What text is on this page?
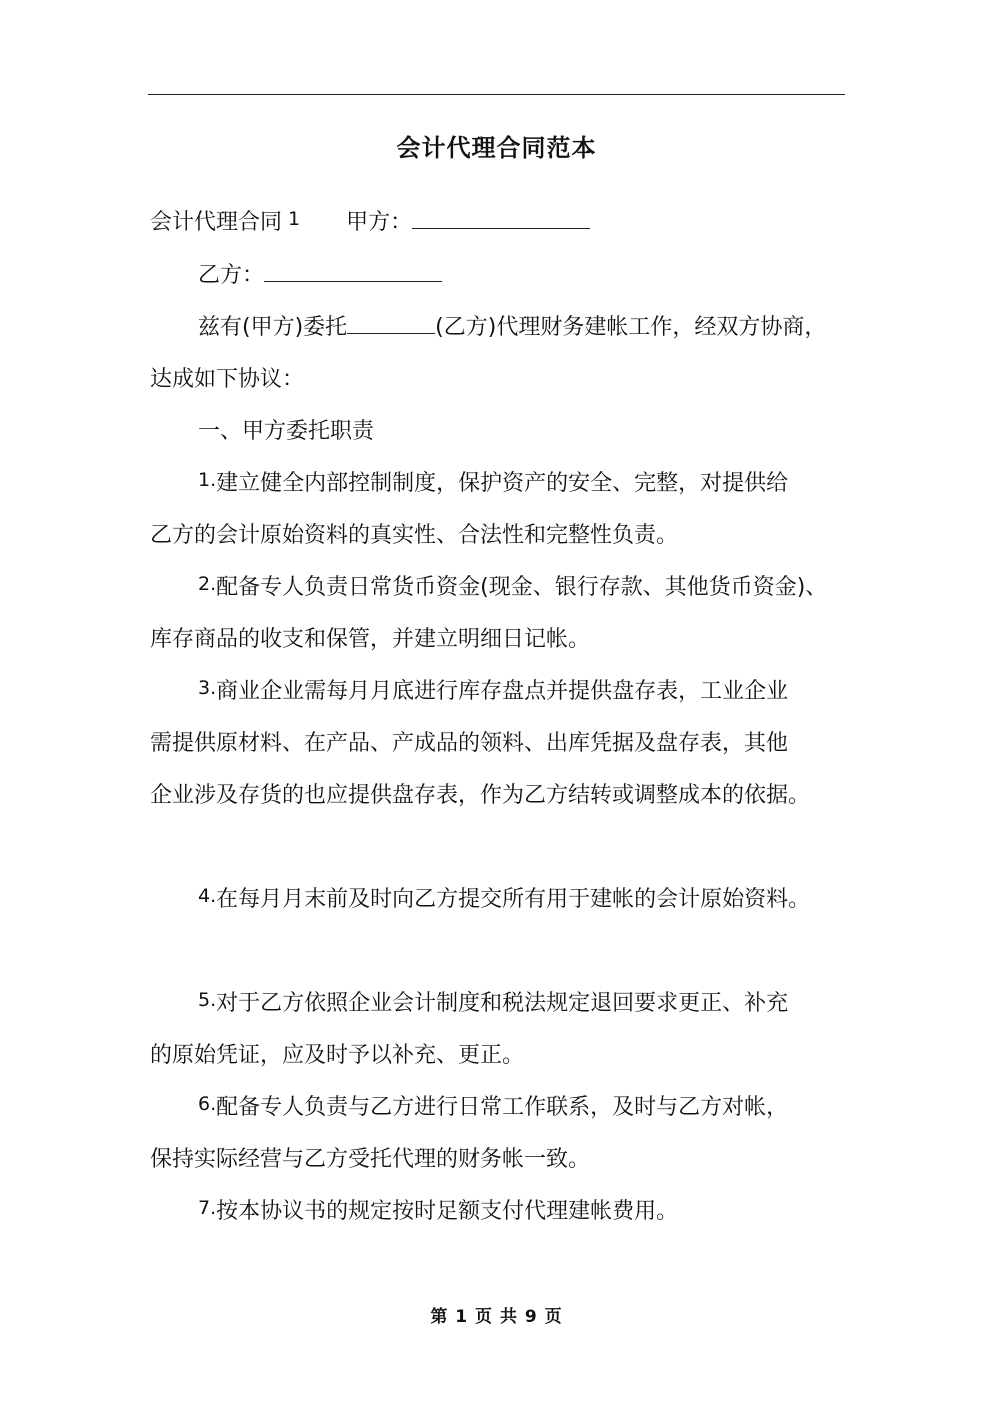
会计代理合同范本
会计代理合同 1 甲方：
乙方：
兹有(甲方)委托	(乙方)代理财务建帐工作，经双方协商，
达成如下协议：
一、甲方委托职责
1.建立健全内部控制制度，保护资产的安全、完整，对提供给
乙方的会计原始资料的真实性、合法性和完整性负责。
2.配备专人负责日常货币资金(现金、银行存款、其他货币资金)、
库存商品的收支和保管，并建立明细日记帐。
3.商业企业需每月月底进行库存盘点并提供盘存表，工业企业
需提供原材料、在产品、产成品的领料、出库凭据及盘存表，其他
企业涉及存货的也应提供盘存表，作为乙方结转或调整成本的依据。
4.在每月月末前及时向乙方提交所有用于建帐的会计原始资料。
5.对于乙方依照企业会计制度和税法规定退回要求更正、补充
的原始凭证，应及时予以补充、更正。
6.配备专人负责与乙方进行日常工作联系，及时与乙方对帐，
保持实际经营与乙方受托代理的财务帐一致。
7.按本协议书的规定按时足额支付代理建帐费用。
第 1 页 共 9 页
